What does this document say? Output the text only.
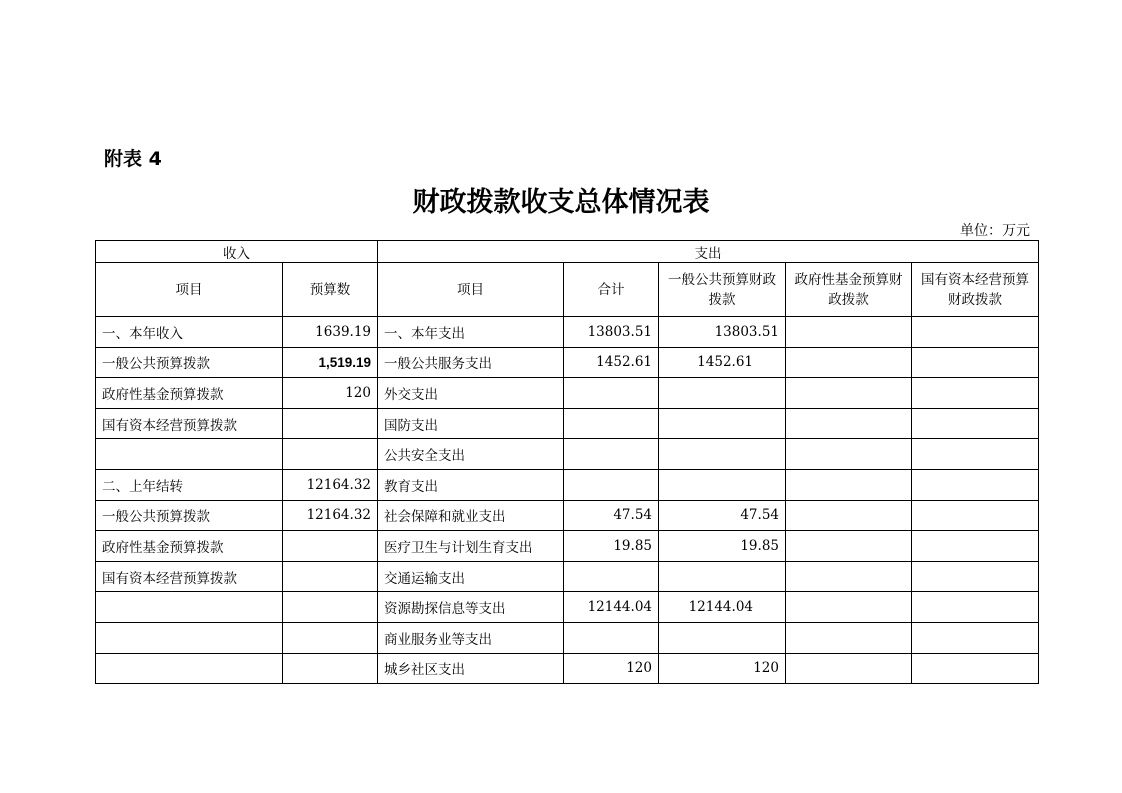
附表 4
财政拨款收支总体情况表
单位：万元
收入		支出				
项目	预算数	项目	合计	一般公共预算财政拨款	政府性基金预算财政拨款	国有资本经营预算财政拨款
一、本年收入	1639.19	一、本年支出	13803.51	13803.51		
一般公共预算拨款	1,519.19	一般公共服务支出	1452.61	1452.61		
政府性基金预算拨款	120	外交支出				
国有资本经营预算拨款		国防支出				
		公共安全支出				
二、上年结转	12164.32	教育支出				
一般公共预算拨款	12164.32	社会保障和就业支出	47.54	47.54		
政府性基金预算拨款		医疗卫生与计划生育支出	19.85	19.85		
国有资本经营预算拨款		交通运输支出				
		资源勘探信息等支出	12144.04	12144.04		
		商业服务业等支出				
		城乡社区支出	120	120		
